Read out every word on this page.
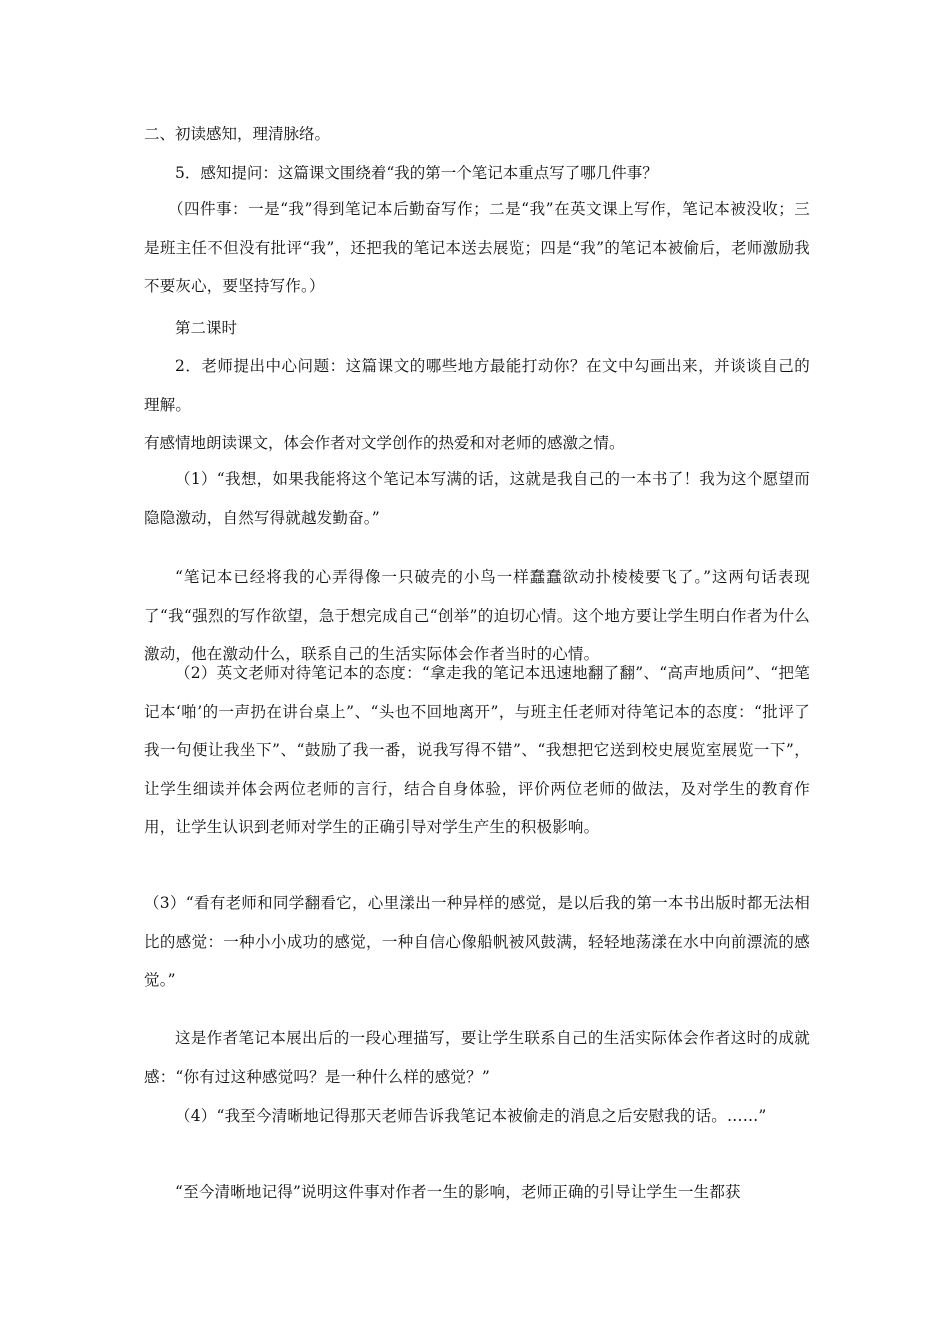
二、初读感知，理清脉络。
5．感知提问：这篇课文围绕着“我的第一个笔记本重点写了哪几件事？
（四件事：一是“我”得到笔记本后勤奋写作；二是“我”在英文课上写作，笔记本被没收；三是班主任不但没有批评“我”，还把我的笔记本送去展览；四是“我”的笔记本被偷后，老师激励我不要灰心，要坚持写作。）
第二课时
2．老师提出中心问题：这篇课文的哪些地方最能打动你？在文中勾画出来，并谈谈自己的理解。
有感情地朗读课文，体会作者对文学创作的热爱和对老师的感激之情。
（1）“我想，如果我能将这个笔记本写满的话，这就是我自己的一本书了！我为这个愿望而隐隐激动，自然写得就越发勤奋。”
“笔记本已经将我的心弄得像一只破壳的小鸟一样蠢蠢欲动扑棱棱要飞了。”这两句话表现了“我“强烈的写作欲望，急于想完成自己“创举”的迫切心情。这个地方要让学生明白作者为什么激动，他在激动什么，联系自己的生活实际体会作者当时的心情。
（2）英文老师对待笔记本的态度：“拿走我的笔记本迅速地翻了翻”、“高声地质问”、“把笔记本‘啪’的一声扔在讲台桌上”、“头也不回地离开”，与班主任老师对待笔记本的态度：“批评了我一句便让我坐下”、“鼓励了我一番，说我写得不错”、“我想把它送到校史展览室展览一下”，让学生细读并体会两位老师的言行，结合自身体验，评价两位老师的做法，及对学生的教育作用，让学生认识到老师对学生的正确引导对学生产生的积极影响。
（3）“看有老师和同学翻看它，心里漾出一种异样的感觉，是以后我的第一本书出版时都无法相比的感觉：一种小小成功的感觉，一种自信心像船帆被风鼓满，轻轻地荡漾在水中向前漂流的感觉。”
这是作者笔记本展出后的一段心理描写，要让学生联系自己的生活实际体会作者这时的成就感：“你有过这种感觉吗？是一种什么样的感觉？”
（4）“我至今清晰地记得那天老师告诉我笔记本被偷走的消息之后安慰我的话。……”
“至今清晰地记得”说明这件事对作者一生的影响，老师正确的引导让学生一生都获
